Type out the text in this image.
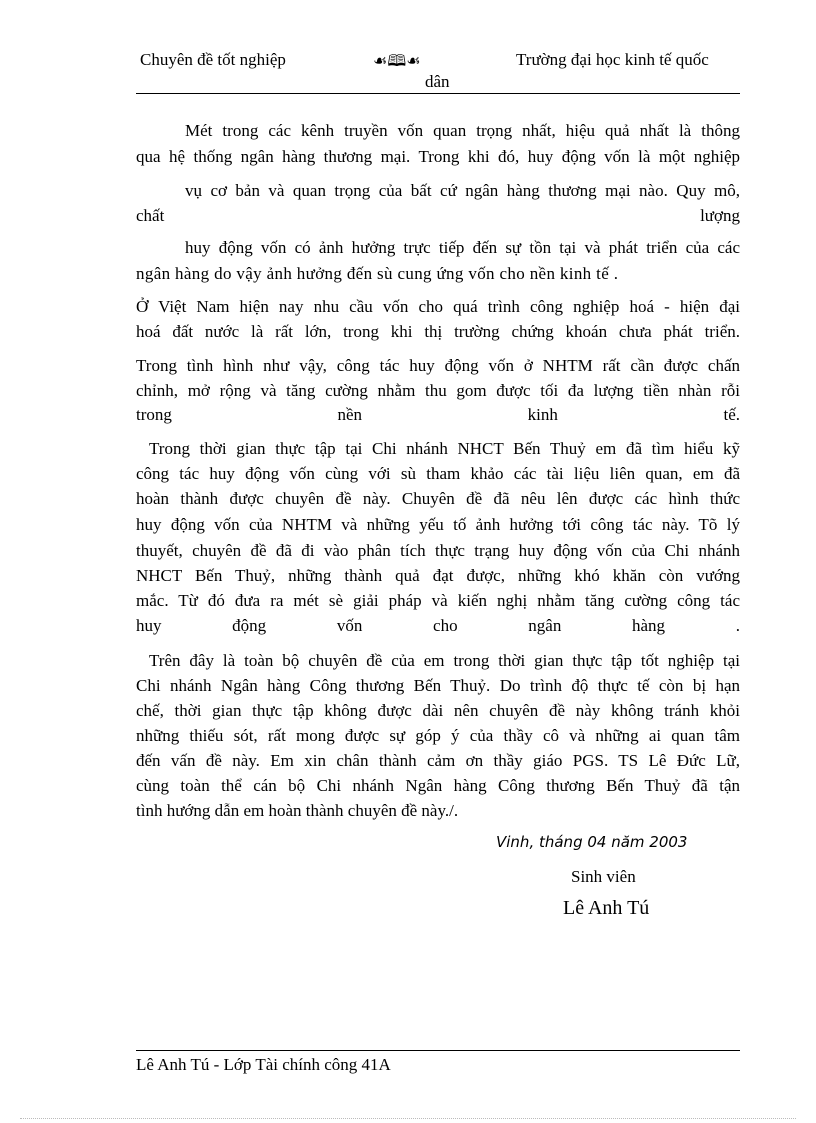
Chuyên đề tốt nghiệp	☙🕮☙	Trường đại học kinh tế quốc
dân
Mét trong các kênh truyền vốn quan trọng nhất, hiệu quả nhất là thông
qua hệ thống ngân hàng thương mại. Trong khi đó, huy động vốn là một nghiệp
vụ cơ bản và quan trọng của bất cứ ngân hàng thương mại nào. Quy mô,
chất lượng
huy động vốn có ảnh hưởng trực tiếp đến sự tồn tại và phát triển của các
ngân hàng do vậy ảnh hưởng đến sù cung ứng vốn cho nền kinh tế .
Ở Việt Nam hiện nay nhu cầu vốn cho quá trình công nghiệp hoá - hiện đại
hoá đất nước là rất lớn, trong khi thị trường chứng khoán chưa phát triển.
Trong tình hình như vậy, công tác huy động vốn ở NHTM rất cần được chấn
chỉnh, mở rộng và tăng cường nhằm thu gom được tối đa lượng tiền nhàn rỗi
trong nền kinh tế.
Trong thời gian thực tập tại Chi nhánh NHCT Bến Thuỷ em đã tìm hiểu kỹ
công tác huy động vốn cùng với sù tham khảo các tài liệu liên quan, em đã
hoàn thành được chuyên đề này. Chuyên đề đã nêu lên được các hình thức
huy động vốn của NHTM và những yếu tố ảnh hưởng tới công tác này. Tõ lý
thuyết, chuyên đề đã đi vào phân tích thực trạng huy động vốn của Chi nhánh
NHCT Bến Thuỷ, những thành quả đạt được, những khó khăn còn vướng
mắc. Từ đó đưa ra mét sè giải pháp và kiến nghị nhằm tăng cường công tác
huy động vốn cho ngân hàng .
Trên đây là toàn bộ chuyên đề của em trong thời gian thực tập tốt nghiệp tại
Chi nhánh Ngân hàng Công thương Bến Thuỷ. Do trình độ thực tế còn bị hạn
chế, thời gian thực tập không được dài nên chuyên đề này không tránh khỏi
những thiếu sót, rất mong được sự góp ý của thầy cô và những ai quan tâm
đến vấn đề này. Em xin chân thành cảm ơn thầy giáo PGS. TS Lê Đức Lữ,
cùng toàn thể cán bộ Chi nhánh Ngân hàng Công thương Bến Thuỷ đã tận
tình hướng dẫn em hoàn thành chuyên đề này./.
Vinh, tháng 04 năm 2003
Sinh viên
Lê Anh Tú
Lê Anh Tú - Lớp Tài chính công 41A
